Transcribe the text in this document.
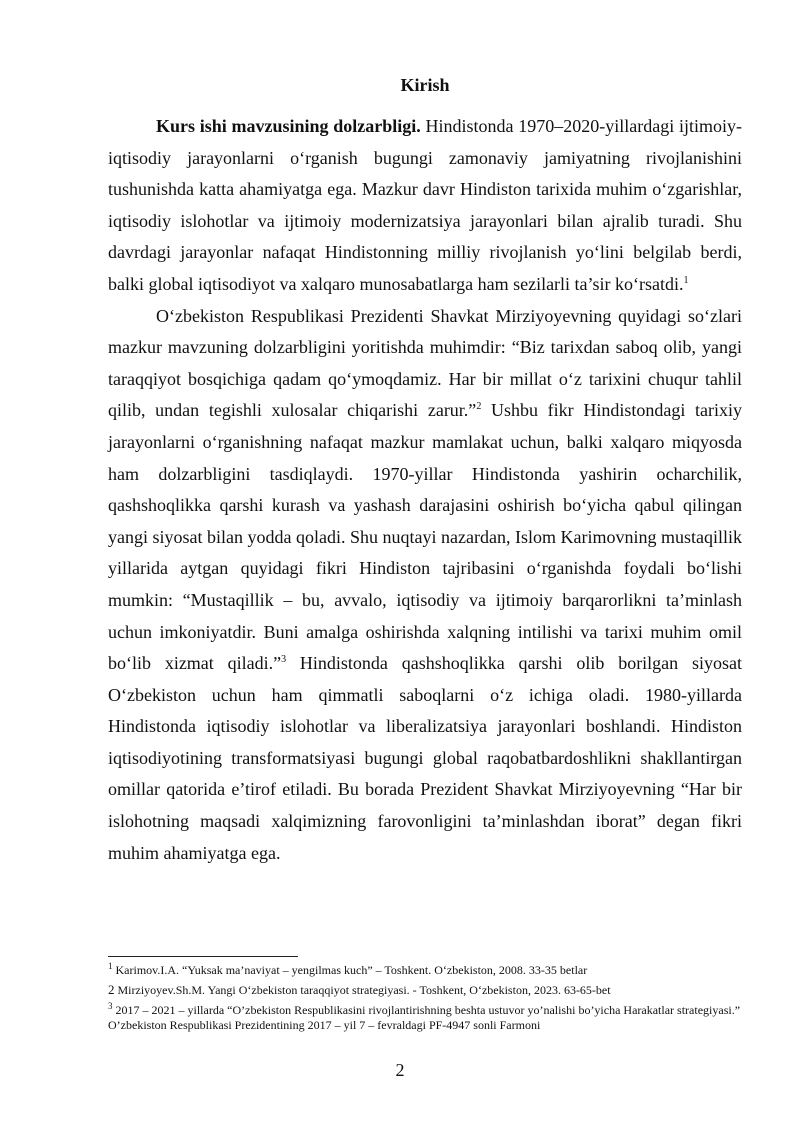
Kirish

Kurs ishi mavzusining dolzarbligi. Hindistonda 1970–2020-yillardagi ijtimoiy-iqtisodiy jarayonlarni o‘rganish bugungi zamonaviy jamiyatning rivojlanishini tushunishda katta ahamiyatga ega. Mazkur davr Hindiston tarixida muhim o‘zgarishlar, iqtisodiy islohotlar va ijtimoiy modernizatsiya jarayonlari bilan ajralib turadi. Shu davrdagi jarayonlar nafaqat Hindistonning milliy rivojlanish yo‘lini belgilab berdi, balki global iqtisodiyot va xalqaro munosabatlarga ham sezilarli ta’sir ko‘rsatdi.$^1$

O‘zbekiston Respublikasi Prezidenti Shavkat Mirziyoyevning quyidagi so‘zlari mazkur mavzuning dolzarbligini yoritishda muhimdir: “Biz tarixdan saboq olib, yangi taraqqiyot bosqichiga qadam qo‘ymoqdamiz. Har bir millat o‘z tarixini chuqur tahlil qilib, undan tegishli xulosalar chiqarishi zarur.”$^2$ Ushbu fikr Hindistondagi tarixiy jarayonlarni o‘rganishning nafaqat mazkur mamlakat uchun, balki xalqaro miqyosda ham dolzarbligini tasdiqlaydi. 1970-yillar Hindistonda yashirin ocharchilik, qashshoqlikka qarshi kurash va yashash darajasini oshirish bo‘yicha qabul qilingan yangi siyosat bilan yodda qoladi. Shu nuqtayi nazardan, Islom Karimovning mustaqillik yillarida aytgan quyidagi fikri Hindiston tajribasini o‘rganishda foydali bo‘lishi mumkin: “Mustaqillik – bu, avvalo, iqtisodiy va ijtimoiy barqarorlikni ta’minlash uchun imkoniyatdir. Buni amalga oshirishda xalqning intilishi va tarixi muhim omil bo‘lib xizmat qiladi.”$^3$ Hindistonda qashshoqlikka qarshi olib borilgan siyosat O‘zbekiston uchun ham qimmatli saboqlarni o‘z ichiga oladi. 1980-yillarda Hindistonda iqtisodiy islohotlar va liberalizatsiya jarayonlari boshlandi. Hindiston iqtisodiyotining transformatsiyasi bugungi global raqobatbardoshlikni shakllantirgan omillar qatorida e’tirof etiladi. Bu borada Prezident Shavkat Mirziyoyevning “Har bir islohotning maqsadi xalqimizning farovonligini ta’minlashdan iborat” degan fikri muhim ahamiyatga ega.

$^1$ Karimov.I.A. “Yuksak ma’naviyat – yengilmas kuch” – Toshkent. O‘zbekiston, 2008. 33-35 betlar
2 Mirziyoyev.Sh.M. Yangi O‘zbekiston taraqqiyot strategiyasi. - Toshkent, O‘zbekiston, 2023. 63-65-bet
$^3$ 2017 – 2021 – yillarda “O’zbekiston Respublikasini rivojlantirishning beshta ustuvor yo’nalishi bo’yicha Harakatlar strategiyasi.” O’zbekiston Respublikasi Prezidentining 2017 – yil 7 – fevraldagi PF-4947 sonli Farmoni
2
